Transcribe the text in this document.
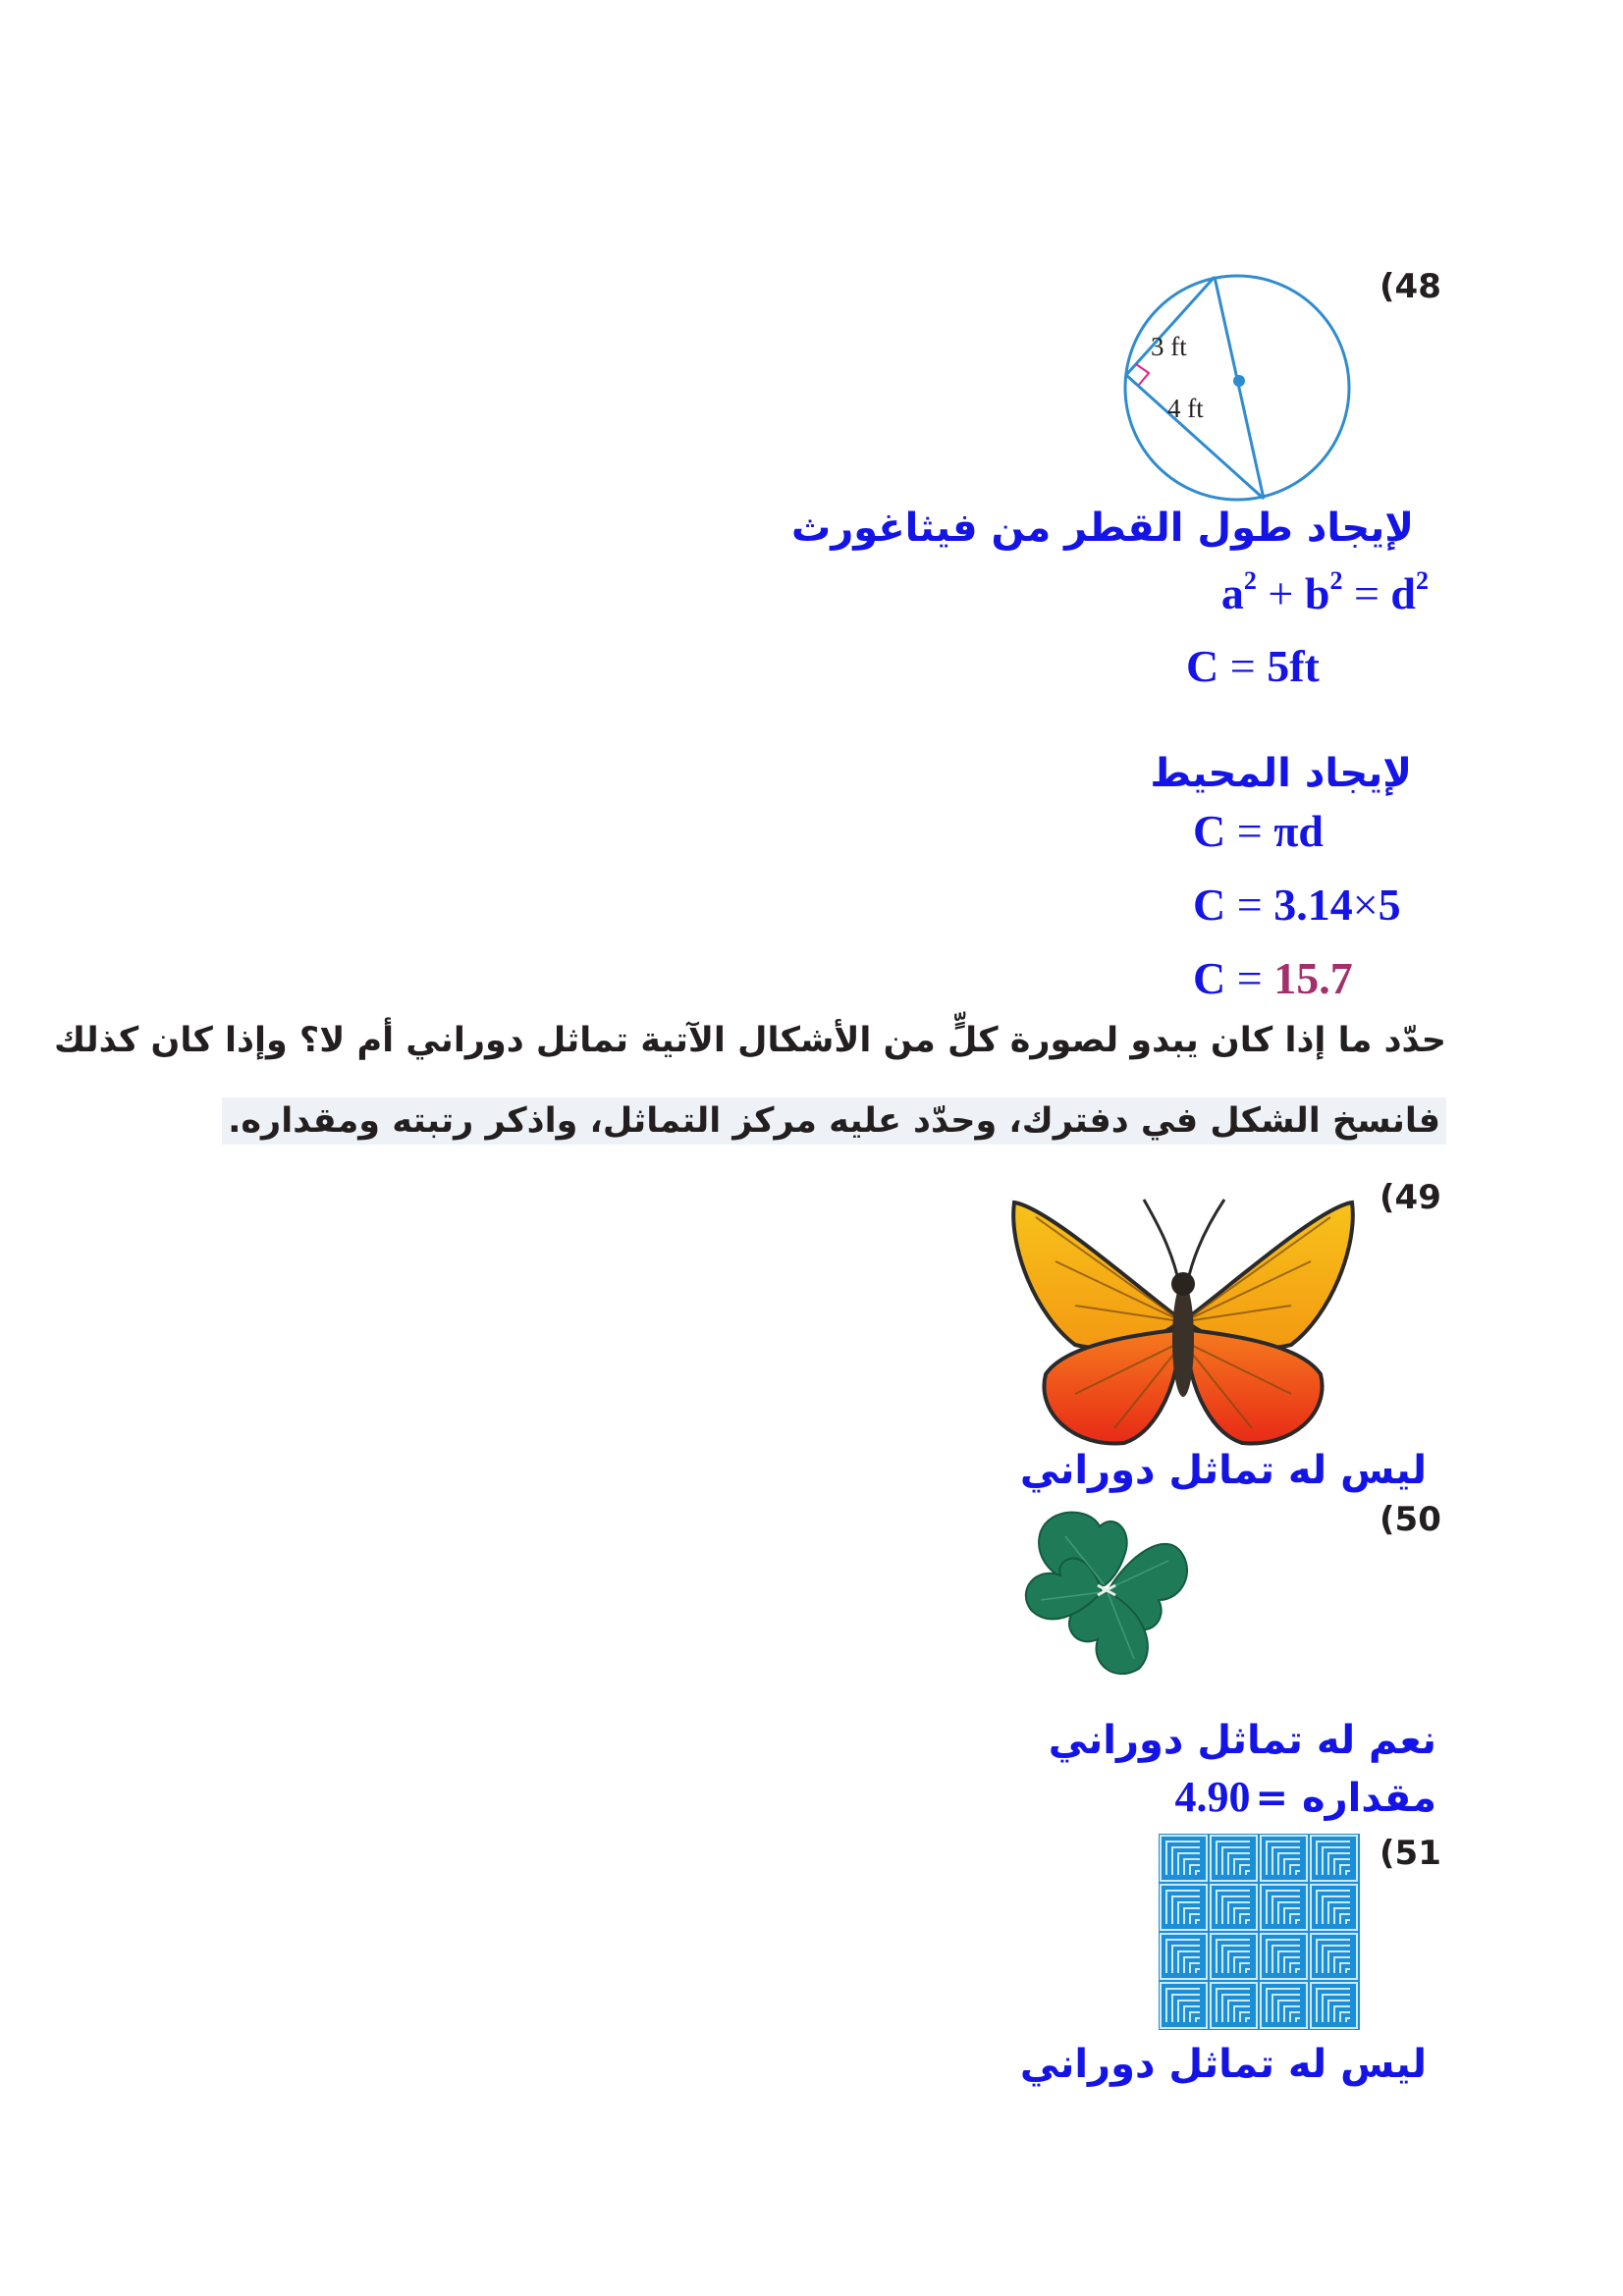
(48
3 ft
4 ft
لإيجاد طول القطر من فيثاغورث
$a^2 + b^2 = d^2$
C = 5ft
لإيجاد المحيط
C = πd
C = 3.14×5
C = 15.7
حدّد ما إذا كان يبدو لصورة كلٍّ من الأشكال الآتية تماثل دوراني أم لا؟ وإذا كان كذلك
فانسخ الشكل في دفترك، وحدّد عليه مركز التماثل، واذكر رتبته ومقداره.
(49
ليس له تماثل دوراني
(50
نعم له تماثل دوراني
مقداره = 4.90
(51
ليس له تماثل دوراني
